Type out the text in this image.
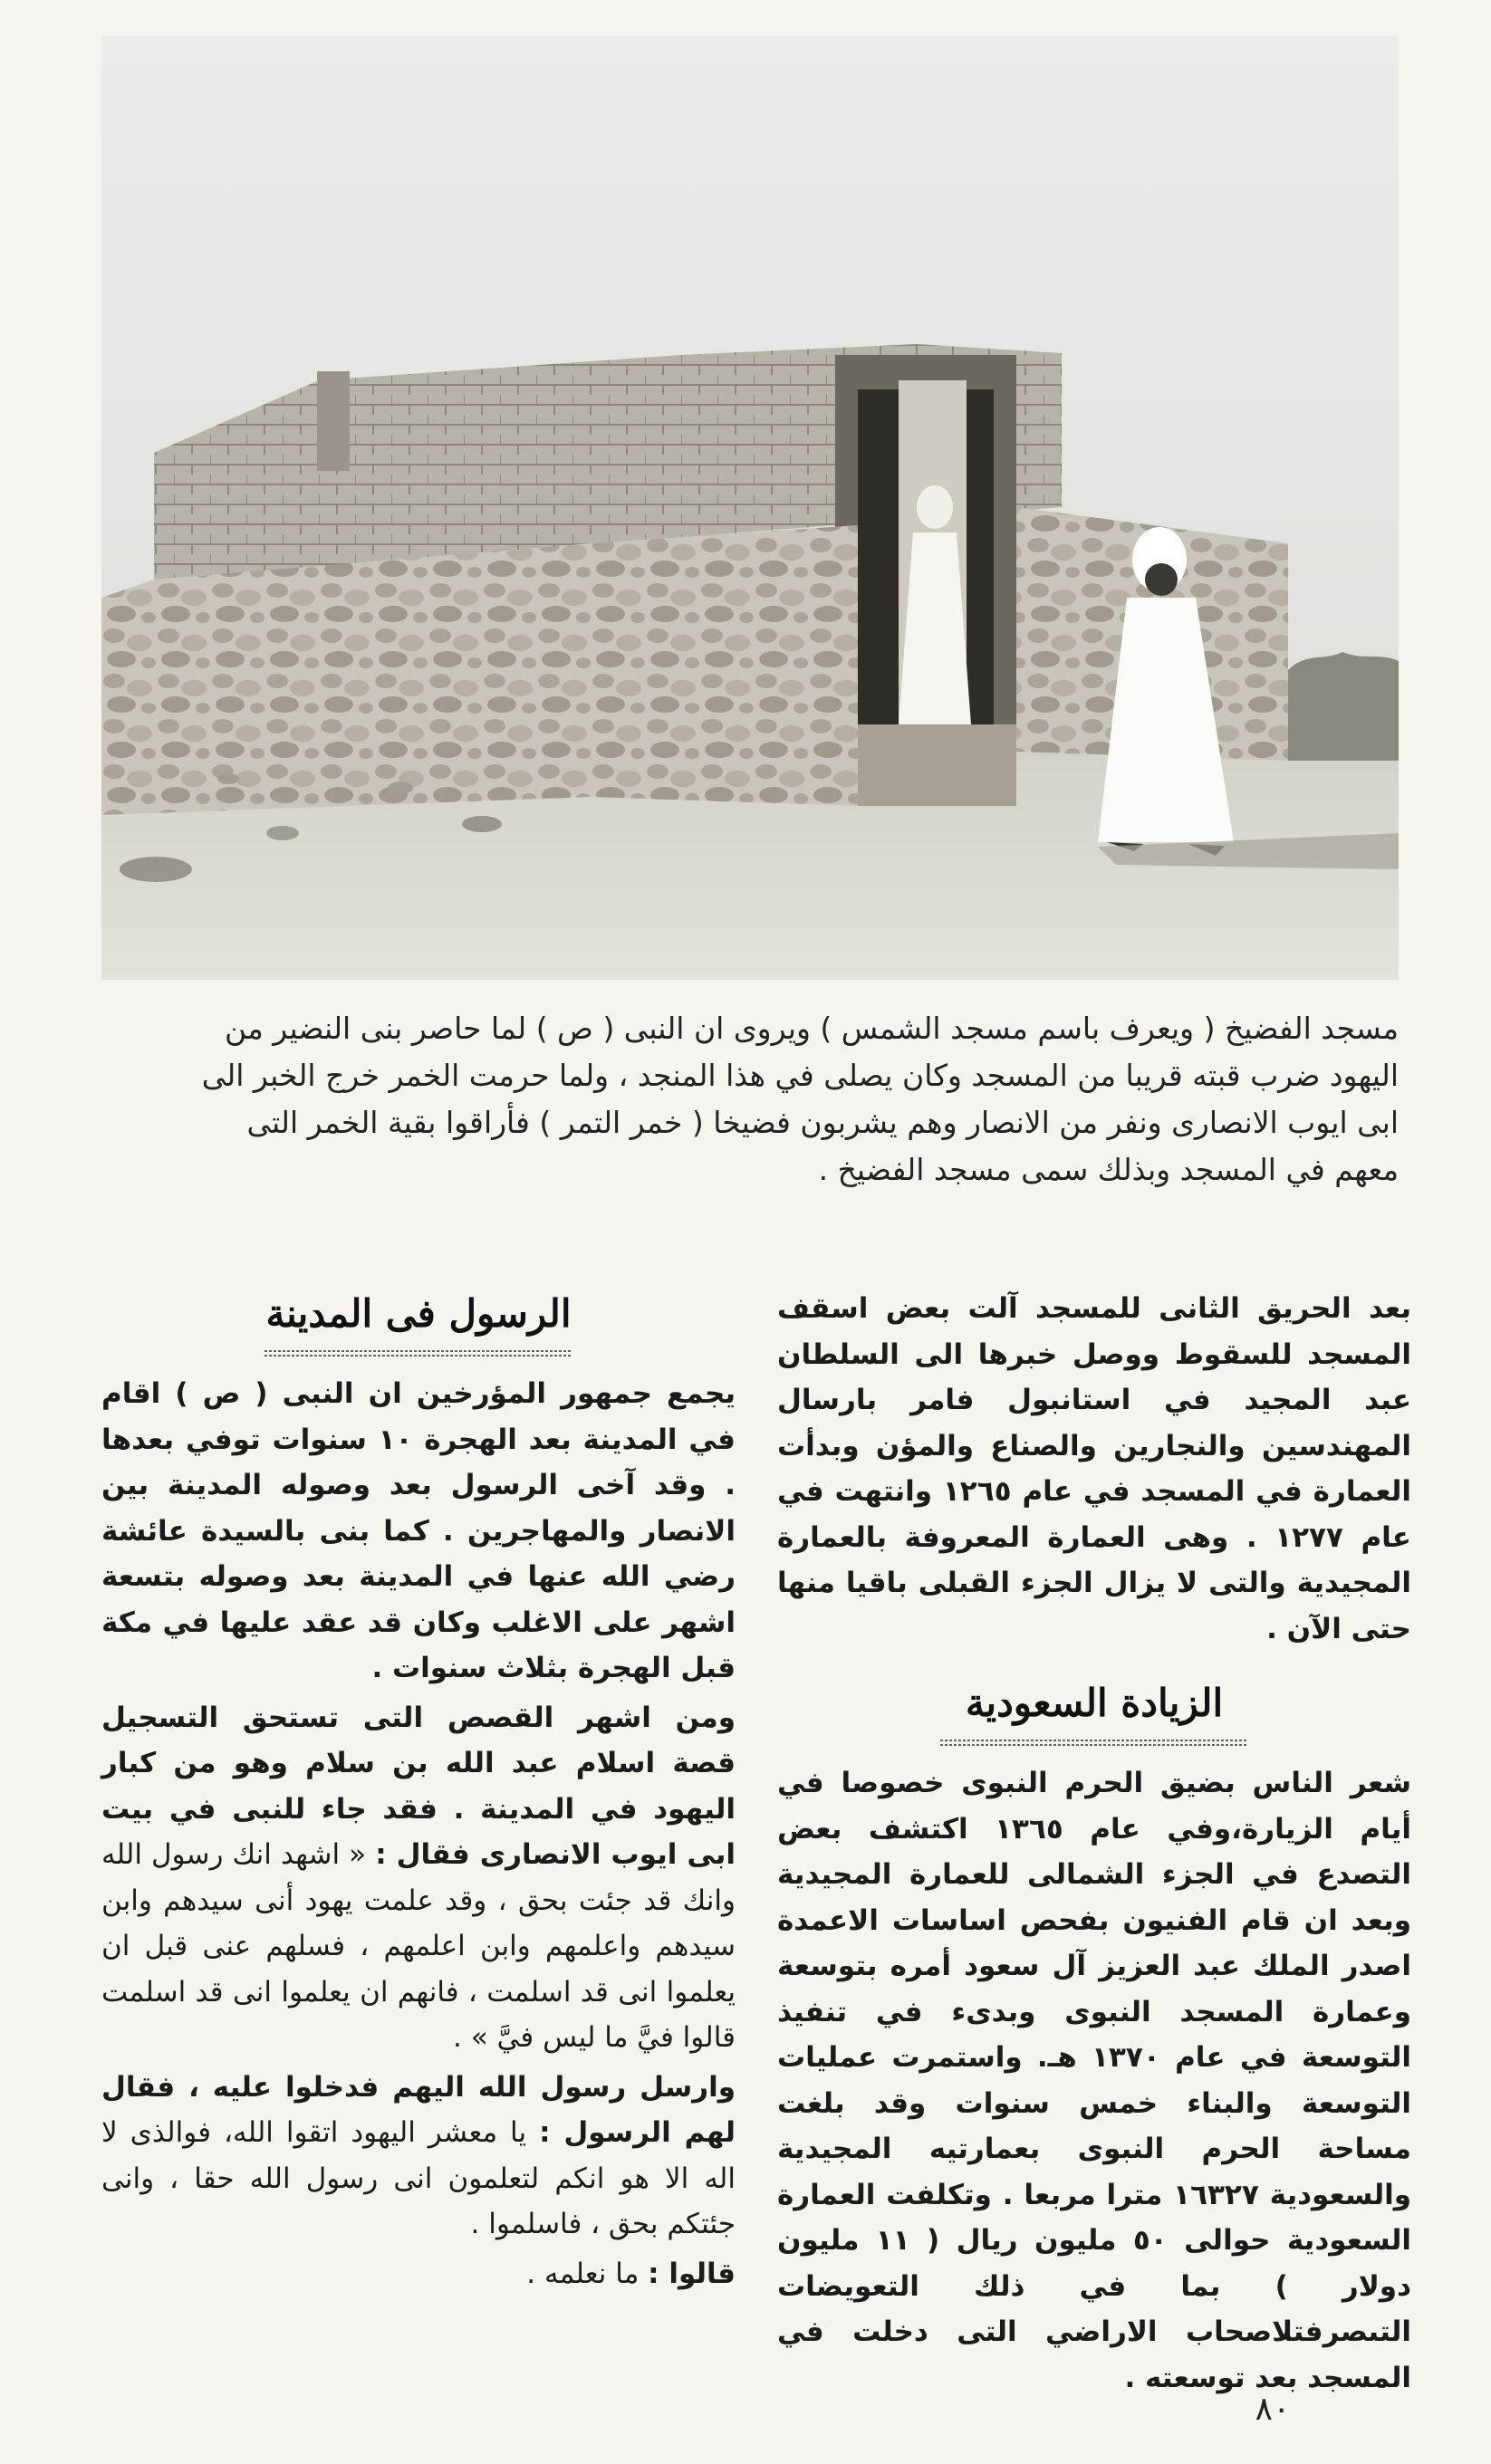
مسجد الفضيخ ( ويعرف باسم مسجد الشمس ) ويروى ان النبى ( ص ) لما حاصر بنى النضير من

اليهود ضرب قبته قريبا من المسجد وكان يصلى في هذا المنجد ، ولما حرمت الخمر خرج الخبر الى

ابى ايوب الانصارى ونفر من الانصار وهم يشربون فضيخا ( خمر التمر ) فأراقوا بقية الخمر التى

معهم في المسجد وبذلك سمى مسجد الفضيخ .

بعد الحريق الثانى للمسجد آلت بعض اسقف المسجد للسقوط ووصل خبرها الى السلطان عبد المجيد في استانبول فامر بارسال المهندسين والنجارين والصناع والمؤن وبدأت العمارة في المسجد في عام ١٢٦٥ وانتهت في عام ١٢٧٧ . وهى العمارة المعروفة بالعمارة المجيدية والتى لا يزال الجزء القبلى باقيا منها حتى الآن .

الزيادة السعودية

شعر الناس بضيق الحرم النبوى خصوصا في أيام الزيارة،وفي عام ١٣٦٥ اكتشف بعض التصدع في الجزء الشمالى للعمارة المجيدية وبعد ان قام الفنيون بفحص اساسات الاعمدة اصدر الملك عبد العزيز آل سعود أمره بتوسعة وعمارة المسجد النبوى وبدىء في تنفيذ التوسعة في عام ١٣٧٠ هـ. واستمرت عمليات التوسعة والبناء خمس سنوات وقد بلغت مساحة الحرم النبوى بعمارتيه المجيدية والسعودية ١٦٣٢٧ مترا مربعا . وتكلفت العمارة السعودية حوالى ٥٠ مليون ريال ( ١١ مليون دولار ) بما في ذلك التعويضات التىصرفتلاصحاب الاراضي التى دخلت في المسجد بعد توسعته .

الرسول فى المدينة

يجمع جمهور المؤرخين ان النبى ( ص ) اقام في المدينة بعد الهجرة ١٠ سنوات توفي بعدها . وقد آخى الرسول بعد وصوله المدينة بين الانصار والمهاجرين . كما بنى بالسيدة عائشة رضي الله عنها في المدينة بعد وصوله بتسعة اشهر على الاغلب وكان قد عقد عليها في مكة قبل الهجرة بثلاث سنوات .

ومن اشهر القصص التى تستحق التسجيل قصة اسلام عبد الله بن سلام وهو من كبار اليهود في المدينة . فقد جاء للنبى في بيت ابى ايوب الانصارى فقال : « اشهد انك رسول الله وانك قد جئت بحق ، وقد علمت يهود أنى سيدهم وابن سيدهم واعلمهم وابن اعلمهم ، فسلهم عنى قبل ان يعلموا انى قد اسلمت ، فانهم ان يعلموا انى قد اسلمت قالوا فيَّ ما ليس فيَّ » .

وارسل رسول الله اليهم فدخلوا عليه ، فقال لهم الرسول : يا معشر اليهود اتقوا الله، فوالذى لا اله الا هو انكم لتعلمون انى رسول الله حقا ، وانى جئتكم بحق ، فاسلموا .

قالوا : ما نعلمه .

٨٠
